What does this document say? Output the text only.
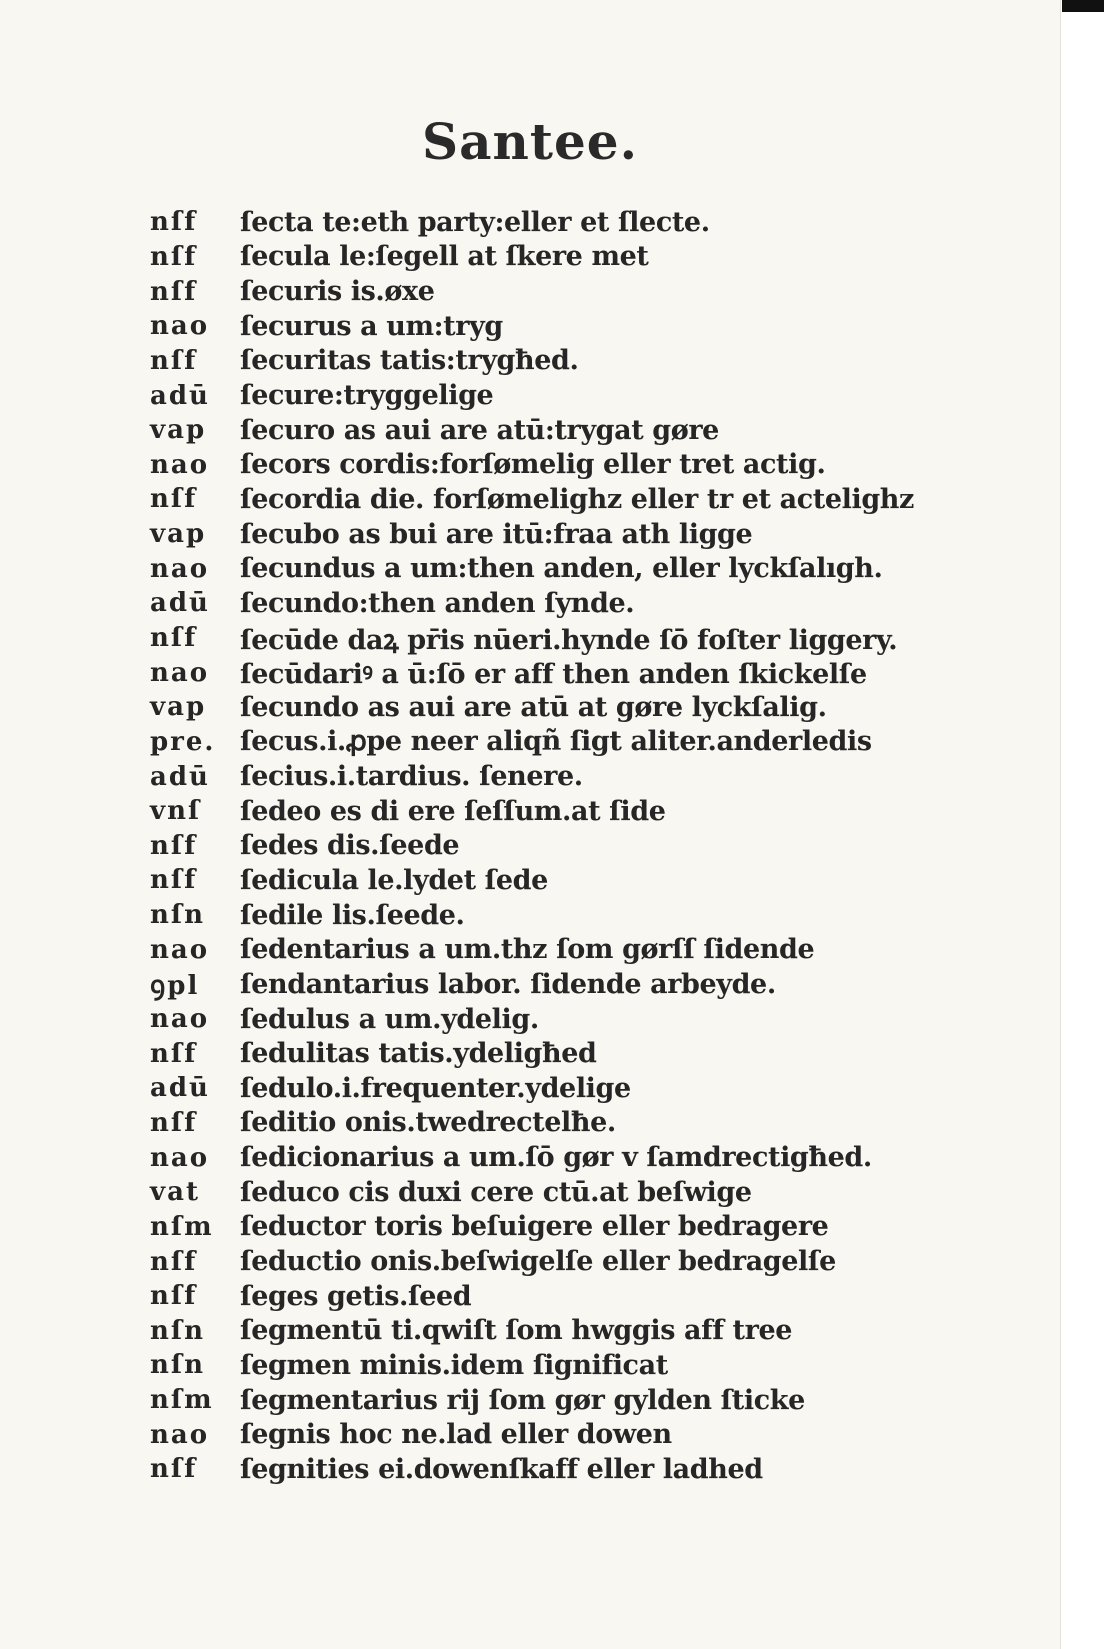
Santee.
nſf	ſecta te:eth party:eller et ſlecte.
nſf	ſecula le:ſegell at ſkere met
nſf	ſecuris is.øxe
nao	ſecurus a um:tryg
nſf	ſecuritas tatis:trygħed.
adū	ſecure:tryggelige
vap	ſecuro as aui are atū:trygat gøre
nao	ſecors cordis:forſømelig eller tret actig.
nſf	ſecordia die. forſømelighz eller tr et actelighz
vap	ſecubo as bui are itū:fraa ath ligge
nao	ſecundus a um:then anden, eller lyckſalıgh.
adū	ſecundo:then anden ſynde.
nſf	ſecūde daꝝ pr̄is nūeri.hynde ſō foſter liggery.
nao	ſecūdariꝰ a ū:ſō er aff then anden ſkickelſe
vap	ſecundo as aui are atū at gøre lyckſalig.
pre. ſecus.i.ꝓpe neer aliqñ ſigt aliter.anderledis
adū	ſecius.i.tardius. ſenere.
vnſ	ſedeo es di ere ſeſſum.at ſide
nſf	ſedes dis.ſeede
nſf	ſedicula le.lydet ſede
nſn	ſedile lis.ſeede.
nao	ſedentarius a um.thz ſom gørſſ ſidende
ꝯpl	ſendantarius labor. ſidende arbeyde.
nao	ſedulus a um.ydelig.
nſf	ſedulitas tatis.ydeligħed
adū	ſedulo.i.frequenter.ydelige
nſf	ſeditio onis.twedrectelħe.
nao	ſedicionarius a um.ſō gør v ſamdrectigħed.
vat	ſeduco cis duxi cere ctū.at beſwige
nſm ſeductor toris beſuigere eller bedragere
nſf	ſeductio onis.beſwigelſe eller bedragelſe
nſf	ſeges getis.ſeed
nſn	ſegmentū ti.qwiſt ſom hwggis aff tree
nſn	ſegmen minis.idem ſignificat
nſm ſegmentarius rij ſom gør gylden ſticke
nao	ſegnis hoc ne.lad eller dowen
nſf	ſegnities ei.dowenſkaff eller ladhed
